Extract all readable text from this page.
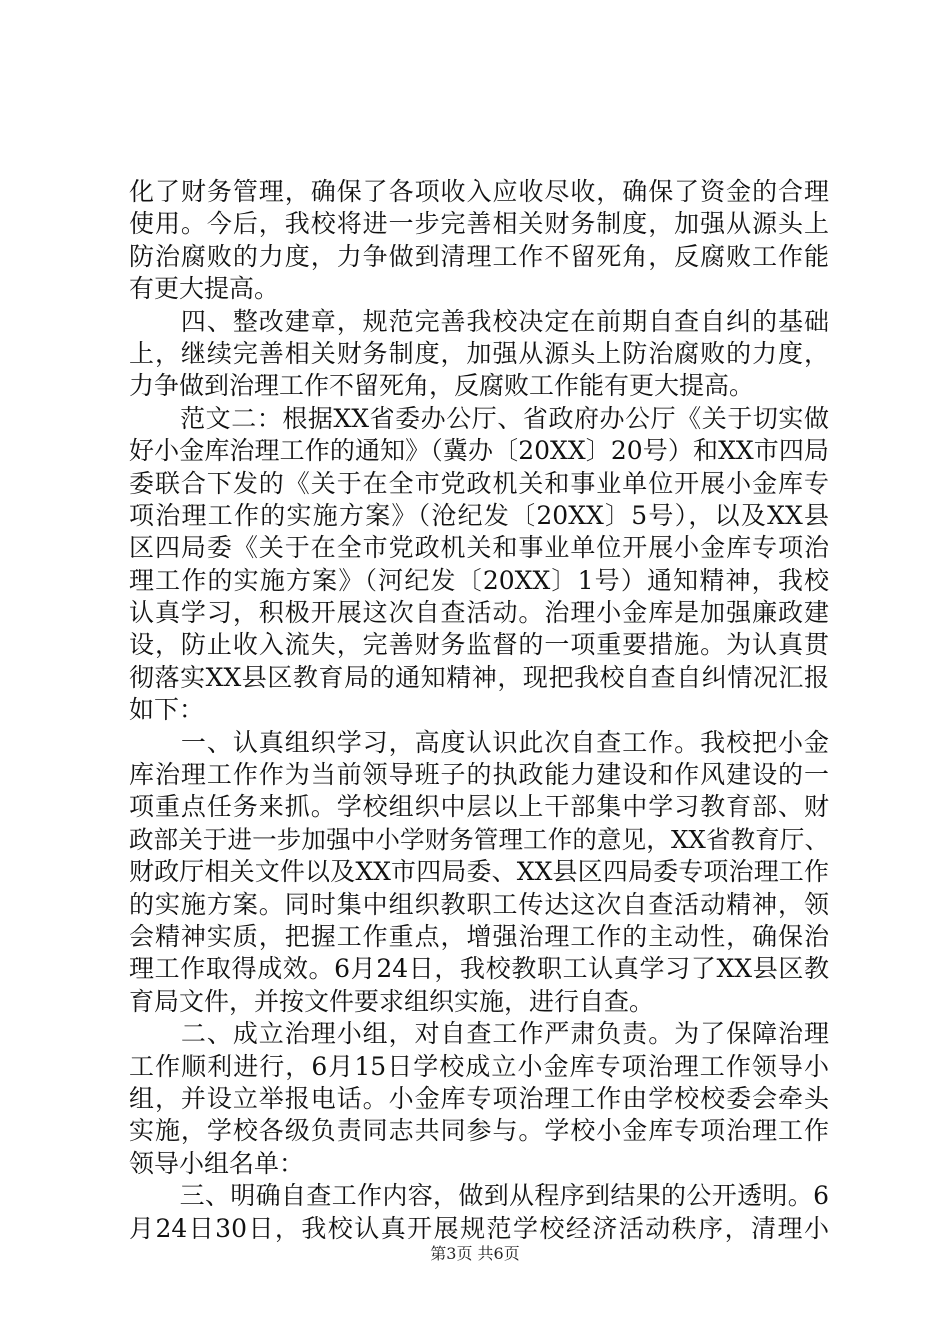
化了财务管理，确保了各项收入应收尽收，确保了资金的合理
使用。今后，我校将进一步完善相关财务制度，加强从源头上
防治腐败的力度，力争做到清理工作不留死角，反腐败工作能
有更大提高。
　　四、整改建章，规范完善我校决定在前期自查自纠的基础
上，继续完善相关财务制度，加强从源头上防治腐败的力度，
力争做到治理工作不留死角，反腐败工作能有更大提高。
　　范文二：根据XX省委办公厅、省政府办公厅《关于切实做
好小金库治理工作的通知》（冀办〔20XX〕20号）和XX市四局
委联合下发的《关于在全市党政机关和事业单位开展小金库专
项治理工作的实施方案》（沧纪发〔20XX〕5号），以及XX县
区四局委《关于在全市党政机关和事业单位开展小金库专项治
理工作的实施方案》（河纪发〔20XX〕1号）通知精神，我校
认真学习，积极开展这次自查活动。治理小金库是加强廉政建
设，防止收入流失，完善财务监督的一项重要措施。为认真贯
彻落实XX县区教育局的通知精神，现把我校自查自纠情况汇报
如下：
　　一、认真组织学习，高度认识此次自查工作。我校把小金
库治理工作作为当前领导班子的执政能力建设和作风建设的一
项重点任务来抓。学校组织中层以上干部集中学习教育部、财
政部关于进一步加强中小学财务管理工作的意见，XX省教育厅、
财政厅相关文件以及XX市四局委、XX县区四局委专项治理工作
的实施方案。同时集中组织教职工传达这次自查活动精神，领
会精神实质，把握工作重点，增强治理工作的主动性，确保治
理工作取得成效。6月24日，我校教职工认真学习了XX县区教
育局文件，并按文件要求组织实施，进行自查。
　　二、成立治理小组，对自查工作严肃负责。为了保障治理
工作顺利进行，6月15日学校成立小金库专项治理工作领导小
组，并设立举报电话。小金库专项治理工作由学校校委会牵头
实施，学校各级负责同志共同参与。学校小金库专项治理工作
领导小组名单：
　　三、明确自查工作内容，做到从程序到结果的公开透明。6
月24日30日，我校认真开展规范学校经济活动秩序，清理小
第3页 共6页
